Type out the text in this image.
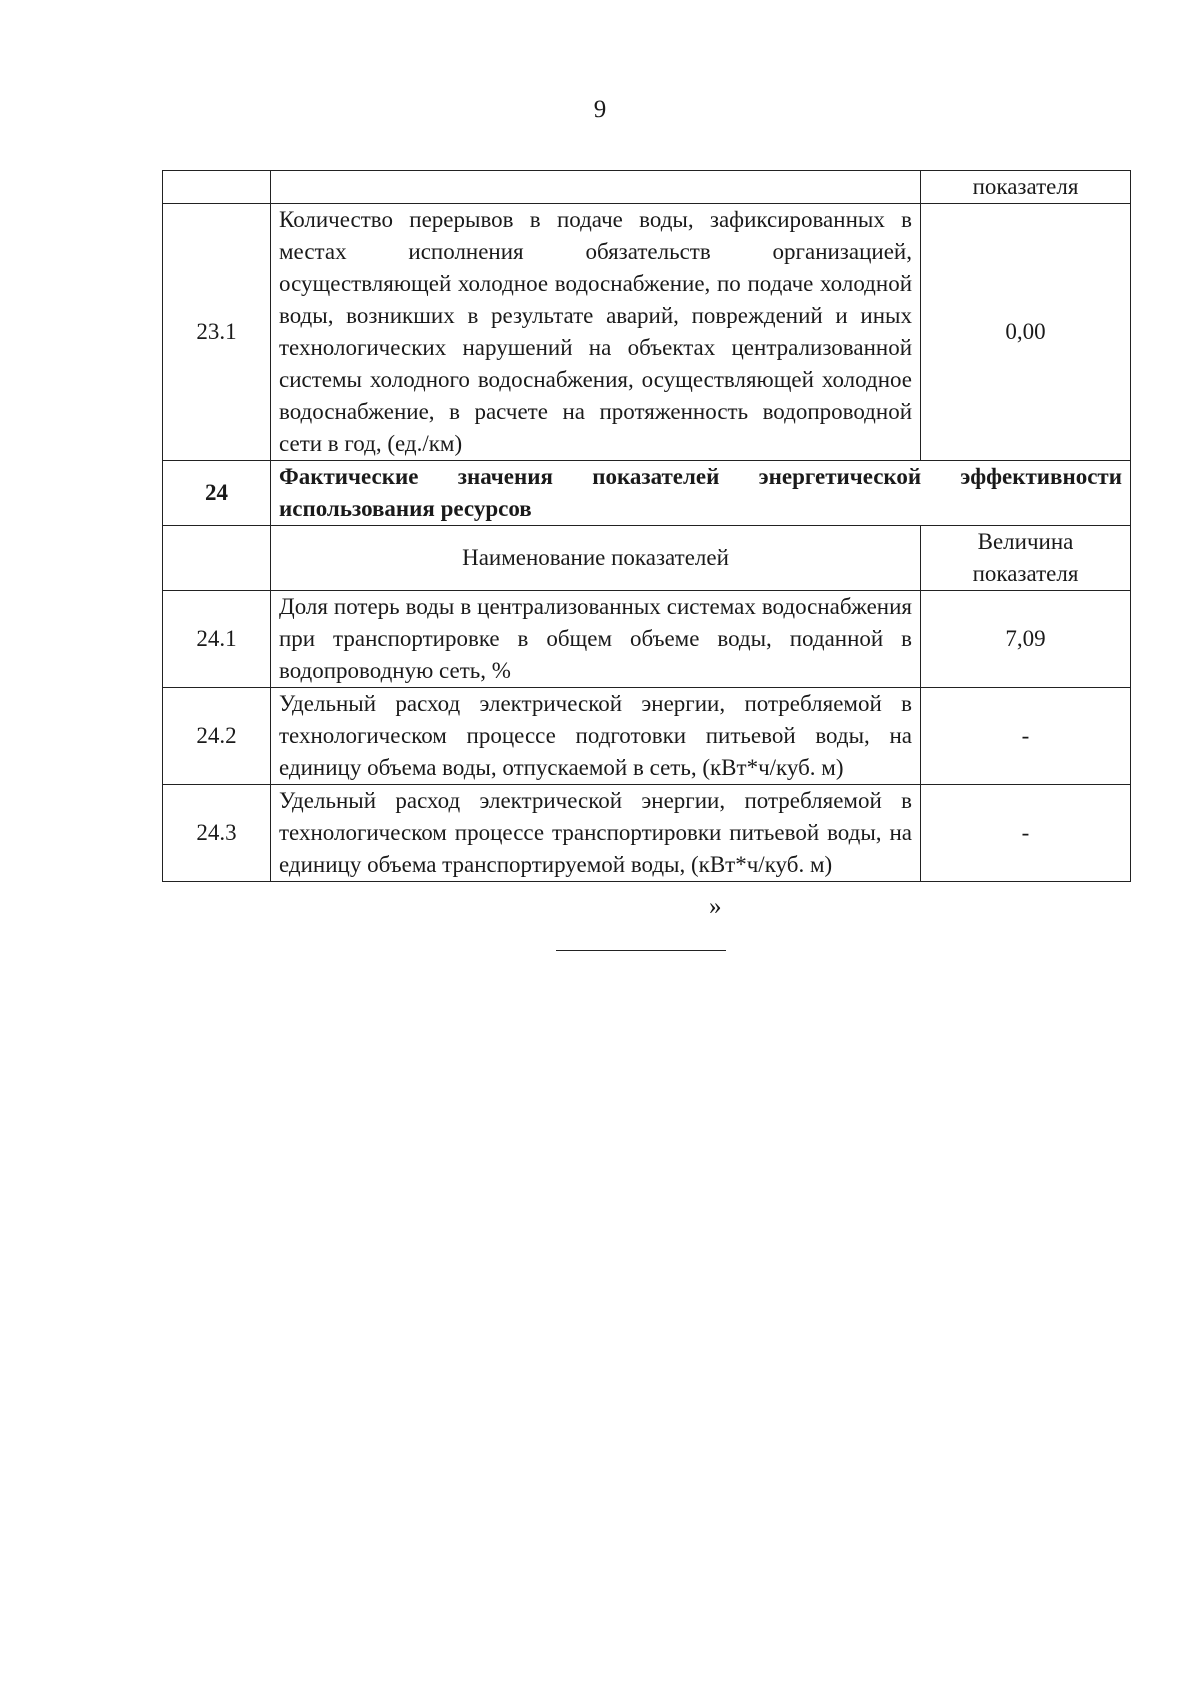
9
		показателя
23.1	Количество перерывов в подаче воды, зафиксированных в местах исполнения обязательств организацией, осуществляющей холодное водоснабжение, по подаче холодной воды, возникших в результате аварий, повреждений и иных технологических нарушений на объектах централизованной системы холодного водоснабжения, осуществляющей холодное водоснабжение, в расчете на протяженность водопроводной сети в год, (ед./км)	0,00
24	Фактические значения показателей энергетической эффективности использования ресурсов	
	Наименование показателей	Величина показателя
24.1	Доля потерь воды в централизованных системах водоснабжения при транспортировке в общем объеме воды, поданной в водопроводную сеть, %	7,09
24.2	Удельный расход электрической энергии, потребляемой в технологическом процессе подготовки питьевой воды, на единицу объема воды, отпускаемой в сеть, (кВт*ч/куб. м)	-
24.3	Удельный расход электрической энергии, потребляемой в технологическом процессе транспортировки питьевой воды, на единицу объема транспортируемой воды, (кВт*ч/куб. м)	-
»
